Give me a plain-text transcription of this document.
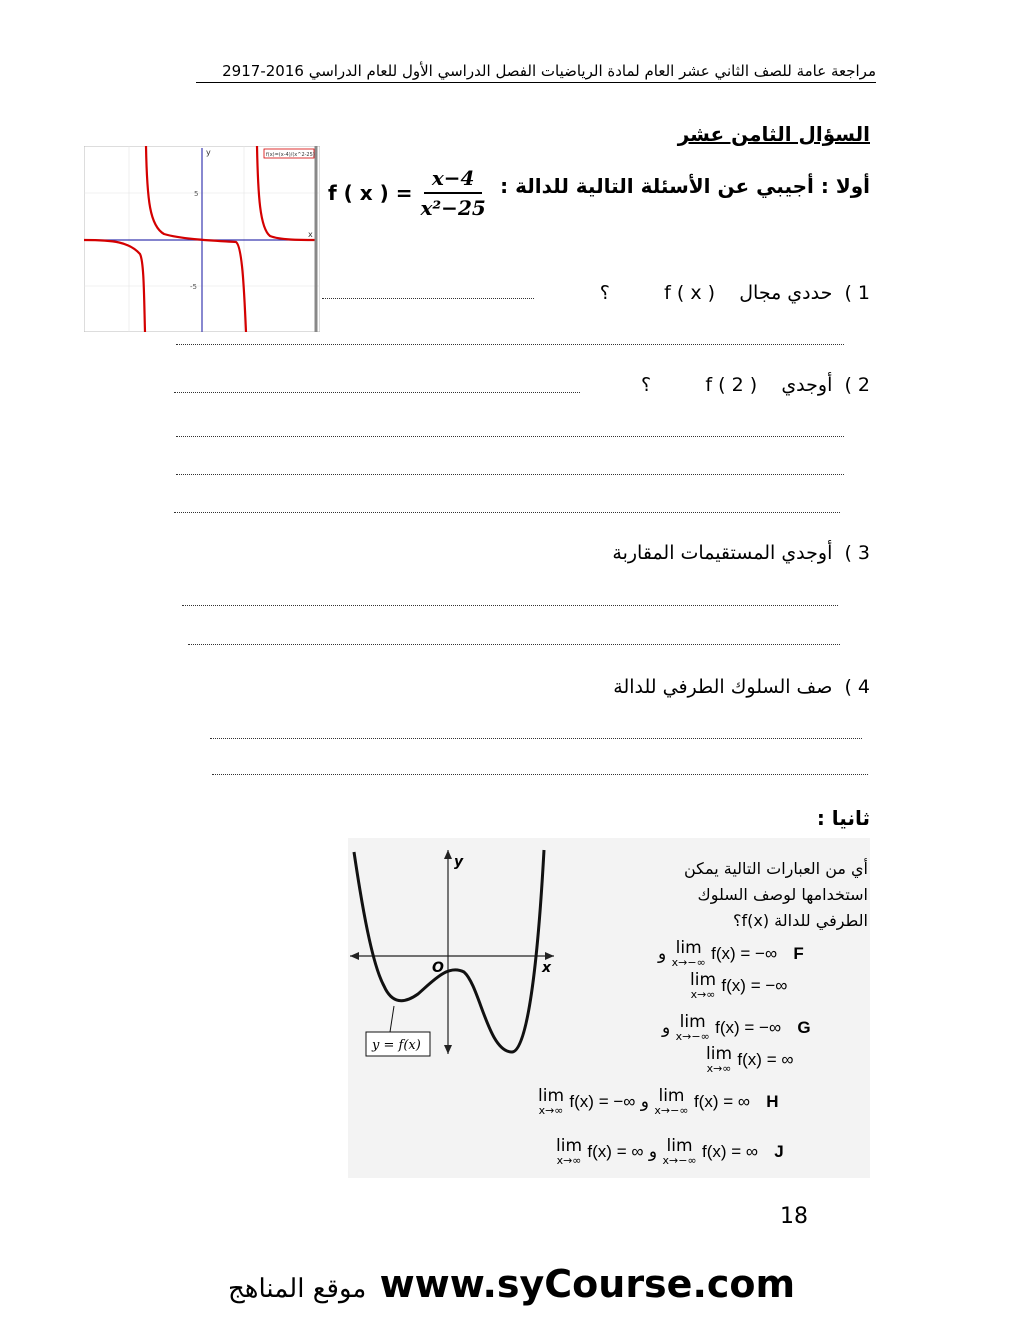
مراجعة عامة للصف الثاني عشر العام لمادة الرياضيات الفصل الدراسي الأول للعام الدراسي 2016-2917
السؤال الثامن عشر
f(x)=(x-4)/(x^2-25)
y
x
5
-5
f ( x ) = $\frac{x-4}{\text{x²−25}}$ أولا : أجيبي عن الأسئلة التالية للدالة :
1 )  حددي مجال    f ( x )         ؟
2 )  أوجدي    f ( 2 )         ؟
3 )  أوجدي المستقيمات المقاربة
4 )  صف السلوك الطرفي للدالة
ثانيا :
y
x
O
y = f(x)
أي من العبارات التالية يمكن
استخدامها لوصف السلوك
الطرفي للدالة f(x)؟
و lim
x→−∞ f(x) = −∞ F
lim
x→∞ f(x) = −∞
و lim
x→−∞ f(x) = −∞ G
lim
x→∞ f(x) = ∞
lim
x→∞ f(x) = −∞ و lim
x→−∞ f(x) = ∞ H
lim
x→∞ f(x) = ∞ و lim
x→−∞ f(x) = ∞ J
18
موقع المناهج www.syCourse.com
